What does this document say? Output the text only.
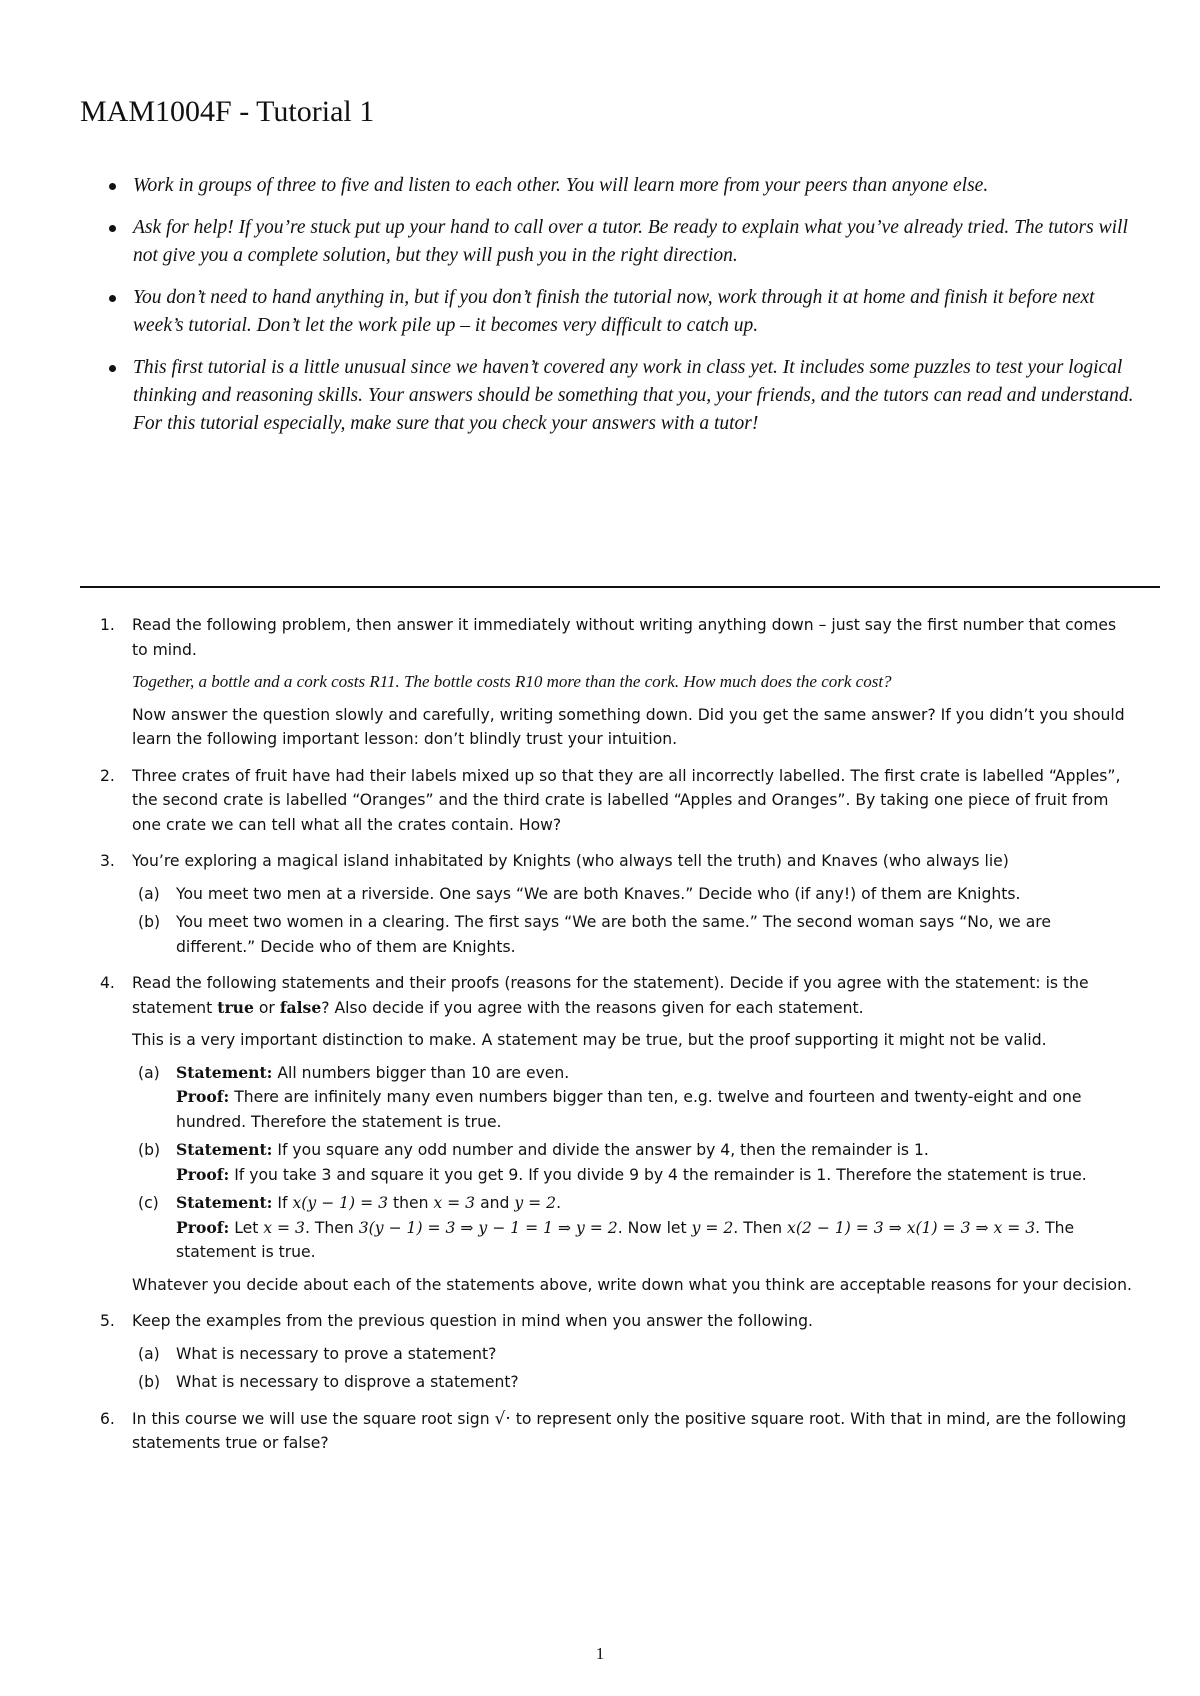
MAM1004F - Tutorial 1
Work in groups of three to five and listen to each other. You will learn more from your peers than anyone else.
Ask for help! If you’re stuck put up your hand to call over a tutor. Be ready to explain what you’ve already tried. The tutors will not give you a complete solution, but they will push you in the right direction.
You don’t need to hand anything in, but if you don’t finish the tutorial now, work through it at home and finish it before next week’s tutorial. Don’t let the work pile up – it becomes very difficult to catch up.
This first tutorial is a little unusual since we haven’t covered any work in class yet. It includes some puzzles to test your logical thinking and reasoning skills. Your answers should be something that you, your friends, and the tutors can read and understand. For this tutorial especially, make sure that you check your answers with a tutor!
1. Read the following problem, then answer it immediately without writing anything down – just say the first number that comes to mind.

Together, a bottle and a cork costs R11. The bottle costs R10 more than the cork. How much does the cork cost?

Now answer the question slowly and carefully, writing something down. Did you get the same answer? If you didn’t you should learn the following important lesson: don’t blindly trust your intuition.

2. Three crates of fruit have had their labels mixed up so that they are all incorrectly labelled. The first crate is labelled “Apples”, the second crate is labelled “Oranges” and the third crate is labelled “Apples and Oranges”. By taking one piece of fruit from one crate we can tell what all the crates contain. How?

3. You’re exploring a magical island inhabitated by Knights (who always tell the truth) and Knaves (who always lie)

(a) You meet two men at a riverside. One says “We are both Knaves.” Decide who (if any!) of them are Knights.

(b) You meet two women in a clearing. The first says “We are both the same.” The second woman says “No, we are different.” Decide who of them are Knights.

4. Read the following statements and their proofs (reasons for the statement). Decide if you agree with the statement: is the statement true or false? Also decide if you agree with the reasons given for each statement.

This is a very important distinction to make. A statement may be true, but the proof supporting it might not be valid.

(a) Statement: All numbers bigger than 10 are even.

Proof: There are infinitely many even numbers bigger than ten, e.g. twelve and fourteen and twenty-eight and one hundred. Therefore the statement is true.

(b) Statement: If you square any odd number and divide the answer by 4, then the remainder is 1.

Proof: If you take 3 and square it you get 9. If you divide 9 by 4 the remainder is 1. Therefore the statement is true.

(c) Statement: If x(y − 1) = 3 then x = 3 and y = 2.

Proof: Let x = 3. Then 3(y − 1) = 3 ⇒ y − 1 = 1 ⇒ y = 2. Now let y = 2. Then x(2 − 1) = 3 ⇒ x(1) = 3 ⇒ x = 3. The statement is true.

Whatever you decide about each of the statements above, write down what you think are acceptable reasons for your decision.

5. Keep the examples from the previous question in mind when you answer the following.

(a) What is necessary to prove a statement?

(b) What is necessary to disprove a statement?

6. In this course we will use the square root sign √· to represent only the positive square root. With that in mind, are the following statements true or false?

1
